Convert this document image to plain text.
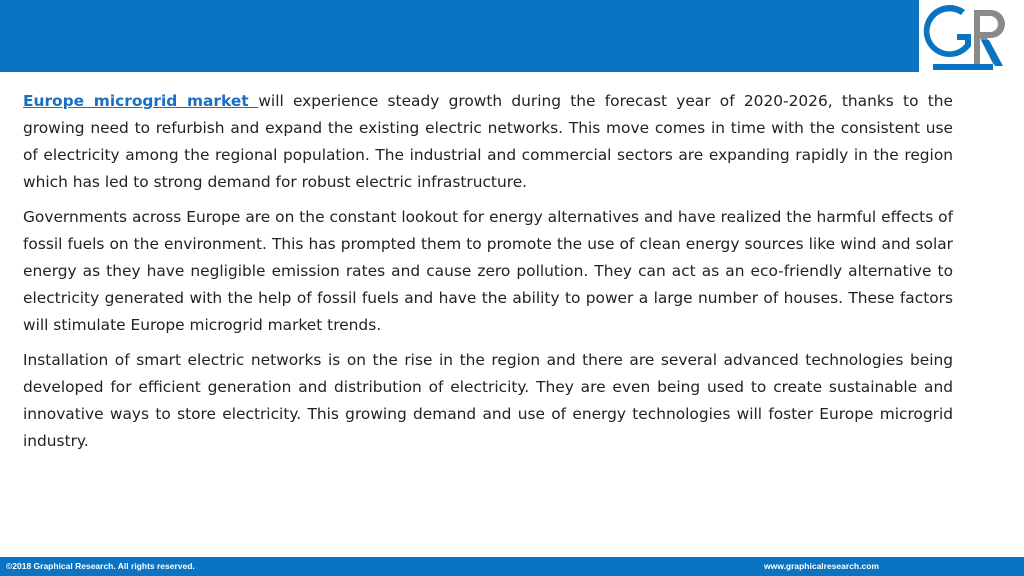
Europe microgrid market will experience steady growth during the forecast year of 2020-2026, thanks to the growing need to refurbish and expand the existing electric networks. This move comes in time with the consistent use of electricity among the regional population. The industrial and commercial sectors are expanding rapidly in the region which has led to strong demand for robust electric infrastructure.

Governments across Europe are on the constant lookout for energy alternatives and have realized the harmful effects of fossil fuels on the environment. This has prompted them to promote the use of clean energy sources like wind and solar energy as they have negligible emission rates and cause zero pollution. They can act as an eco-friendly alternative to electricity generated with the help of fossil fuels and have the ability to power a large number of houses. These factors will stimulate Europe microgrid market trends.

Installation of smart electric networks is on the rise in the region and there are several advanced technologies being developed for efficient generation and distribution of electricity. They are even being used to create sustainable and innovative ways to store electricity. This growing demand and use of energy technologies will foster Europe microgrid industry.

©2018 Graphical Research. All rights reserved.	www.graphicalresearch.com
